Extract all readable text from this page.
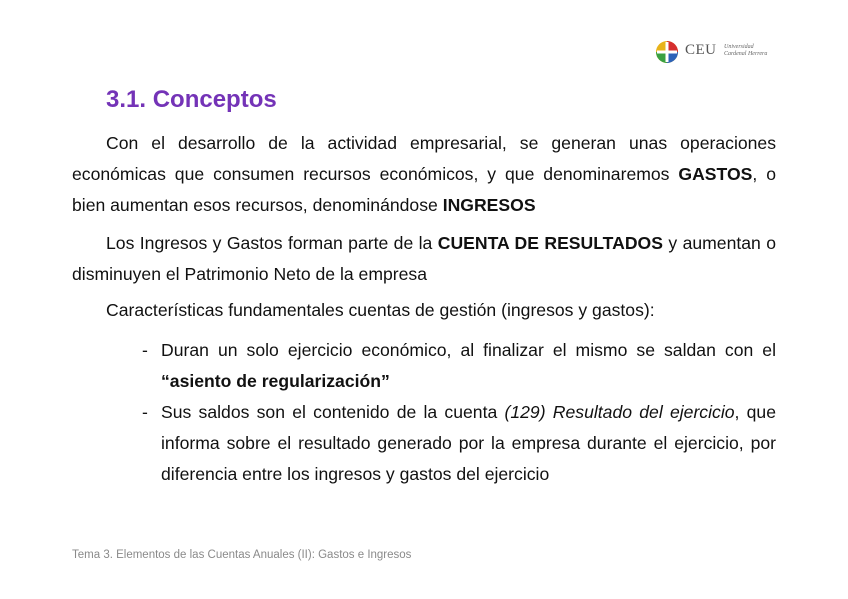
CEU Universidad
Cardenal Herrera
3.1. Conceptos

Con el desarrollo de la actividad empresarial, se generan unas operaciones económicas que consumen recursos económicos, y que denominaremos GASTOS, o bien aumentan esos recursos, denominándose INGRESOS

Los Ingresos y Gastos forman parte de la CUENTA DE RESULTADOS y aumentan o disminuyen el Patrimonio Neto de la empresa

Características fundamentales cuentas de gestión (ingresos y gastos):

- Duran un solo ejercicio económico, al finalizar el mismo se saldan con el “asiento de regularización”
- Sus saldos son el contenido de la cuenta (129) Resultado del ejercicio, que informa sobre el resultado generado por la empresa durante el ejercicio, por diferencia entre los ingresos y gastos del ejercicio
Tema 3. Elementos de las Cuentas Anuales (II): Gastos e Ingresos
